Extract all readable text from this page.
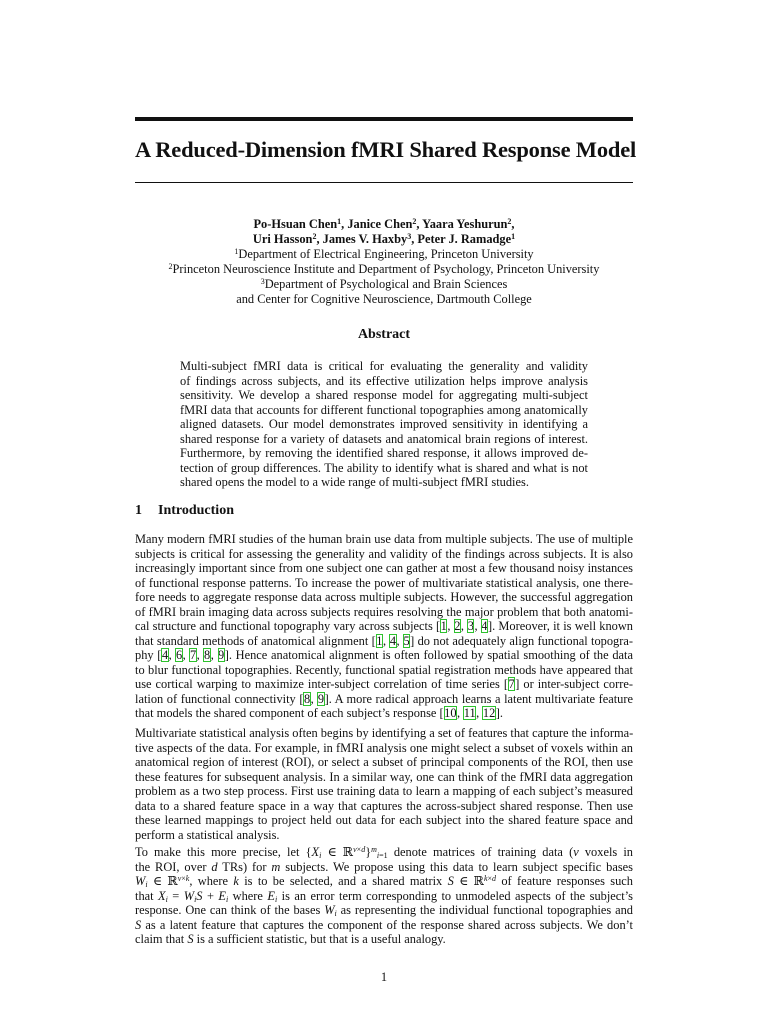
A Reduced-Dimension fMRI Shared Response Model
Po-Hsuan Chen$^1$, Janice Chen$^2$, Yaara Yeshurun$^2$,
Uri Hasson$^2$, James V. Haxby$^3$, Peter J. Ramadge$^1$
$^1$Department of Electrical Engineering, Princeton University
$^2$Princeton Neuroscience Institute and Department of Psychology, Princeton University
$^3$Department of Psychological and Brain Sciences
and Center for Cognitive Neuroscience, Dartmouth College
Abstract
Multi-subject fMRI data is critical for evaluating the generality and validity
of findings across subjects, and its effective utilization helps improve analysis
sensitivity. We develop a shared response model for aggregating multi-subject
fMRI data that accounts for different functional topographies among anatomically
aligned datasets. Our model demonstrates improved sensitivity in identifying a
shared response for a variety of datasets and anatomical brain regions of interest.
Furthermore, by removing the identified shared response, it allows improved de-
tection of group differences. The ability to identify what is shared and what is not
shared opens the model to a wide range of multi-subject fMRI studies.
1 Introduction
Many modern fMRI studies of the human brain use data from multiple subjects. The use of multiple
subjects is critical for assessing the generality and validity of the findings across subjects. It is also
increasingly important since from one subject one can gather at most a few thousand noisy instances
of functional response patterns. To increase the power of multivariate statistical analysis, one there-
fore needs to aggregate response data across multiple subjects. However, the successful aggregation
of fMRI brain imaging data across subjects requires resolving the major problem that both anatomi-
cal structure and functional topography vary across subjects [1, 2, 3, 4]. Moreover, it is well known
that standard methods of anatomical alignment [1, 4, 5] do not adequately align functional topogra-
phy [4, 6, 7, 8, 9]. Hence anatomical alignment is often followed by spatial smoothing of the data
to blur functional topographies. Recently, functional spatial registration methods have appeared that
use cortical warping to maximize inter-subject correlation of time series [7] or inter-subject corre-
lation of functional connectivity [8, 9]. A more radical approach learns a latent multivariate feature
that models the shared component of each subject’s response [10, 11, 12].
Multivariate statistical analysis often begins by identifying a set of features that capture the informa-
tive aspects of the data. For example, in fMRI analysis one might select a subset of voxels within an
anatomical region of interest (ROI), or select a subset of principal components of the ROI, then use
these features for subsequent analysis. In a similar way, one can think of the fMRI data aggregation
problem as a two step process. First use training data to learn a mapping of each subject’s measured
data to a shared feature space in a way that captures the across-subject shared response. Then use
these learned mappings to project held out data for each subject into the shared feature space and
perform a statistical analysis.
To make this more precise, let {$X_i$ ∈ ℝ$^{v\times d}$}$^m_{i=1}$ denote matrices of training data (v voxels in
the ROI, over d TRs) for m subjects. We propose using this data to learn subject specific bases
$W_i$ ∈ ℝ$^{v\times k}$, where k is to be selected, and a shared matrix S ∈ ℝ$^{k\times d}$ of feature responses such
that $X_i = W_iS + E_i$ where $E_i$ is an error term corresponding to unmodeled aspects of the subject’s
response. One can think of the bases $W_i$ as representing the individual functional topographies and
S as a latent feature that captures the component of the response shared across subjects. We don’t
claim that S is a sufficient statistic, but that is a useful analogy.
1
